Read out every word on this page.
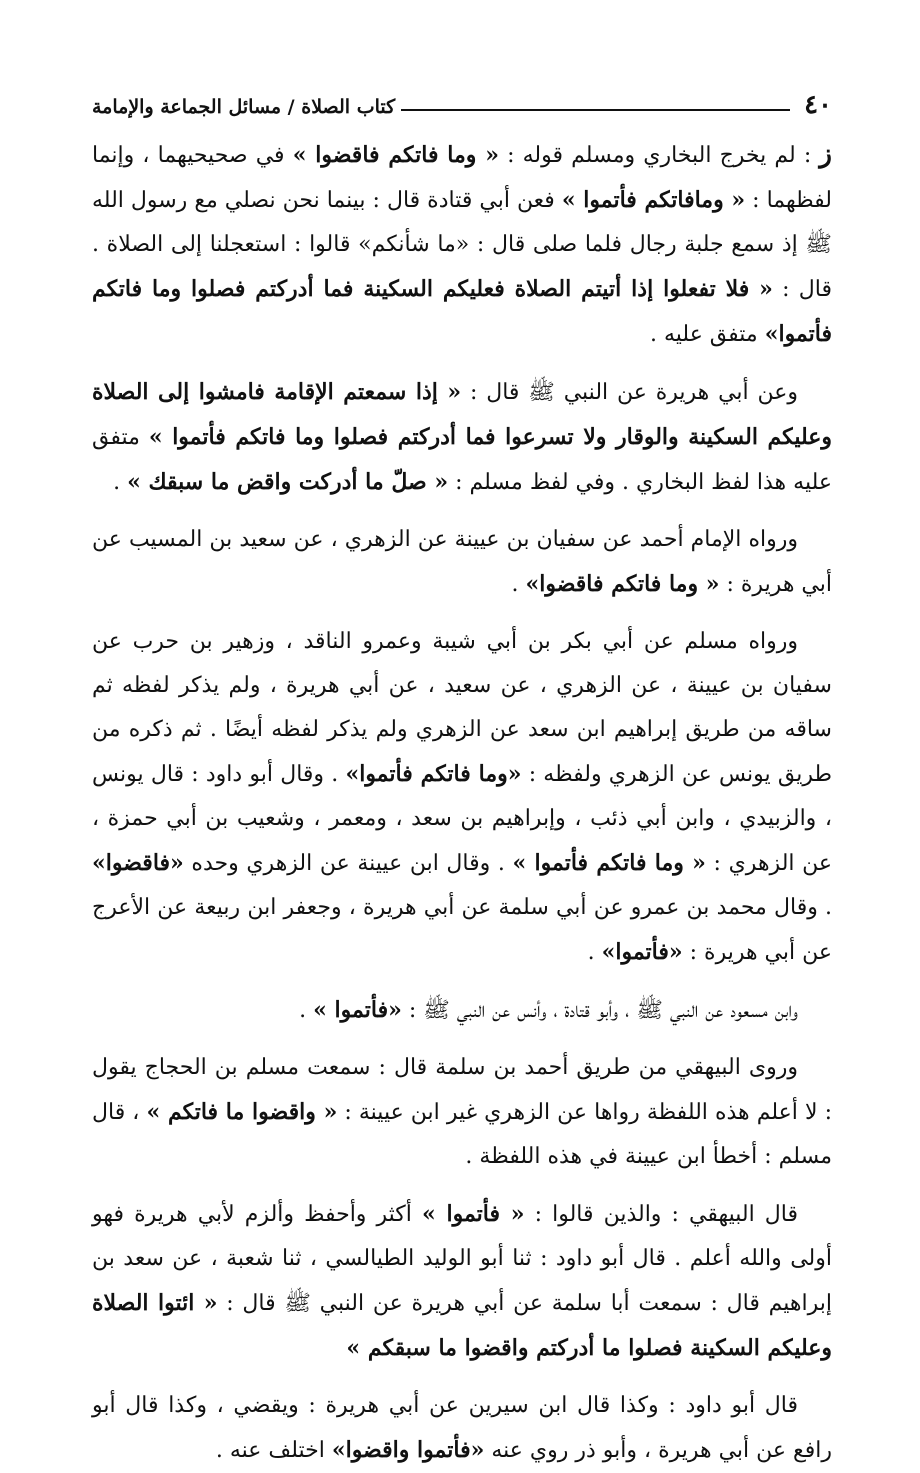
٤٠
كتاب الصلاة / مسائل الجماعة والإمامة

ز : لم يخرج البخاري ومسلم قوله : « وما فاتكم فاقضوا » في صحيحيهما ، وإنما لفظهما : « ومافاتكم فأتموا » فعن أبي قتادة قال : بينما نحن نصلي مع رسول الله ﷺ إذ سمع جلبة رجال فلما صلى قال : «ما شأنكم» قالوا : استعجلنا إلى الصلاة . قال : « فلا تفعلوا إذا أتيتم الصلاة فعليكم السكينة فما أدركتم فصلوا وما فاتكم فأتموا» متفق عليه .

وعن أبي هريرة عن النبي ﷺ قال : « إذا سمعتم الإقامة فامشوا إلى الصلاة وعليكم السكينة والوقار ولا تسرعوا فما أدركتم فصلوا وما فاتكم فأتموا » متفق عليه هذا لفظ البخاري . وفي لفظ مسلم : « صلّ ما أدركت واقض ما سبقك » .

ورواه الإمام أحمد عن سفيان بن عيينة عن الزهري ، عن سعيد بن المسيب عن أبي هريرة : « وما فاتكم فاقضوا» .

ورواه مسلم عن أبي بكر بن أبي شيبة وعمرو الناقد ، وزهير بن حرب عن سفيان بن عيينة ، عن الزهري ، عن سعيد ، عن أبي هريرة ، ولم يذكر لفظه ثم ساقه من طريق إبراهيم ابن سعد عن الزهري ولم يذكر لفظه أيضًا . ثم ذكره من طريق يونس عن الزهري ولفظه : «وما فاتكم فأتموا» . وقال أبو داود : قال يونس ، والزبيدي ، وابن أبي ذئب ، وإبراهيم بن سعد ، ومعمر ، وشعيب بن أبي حمزة ، عن الزهري : « وما فاتكم فأتموا » . وقال ابن عيينة عن الزهري وحده «فاقضوا» . وقال محمد بن عمرو عن أبي سلمة عن أبي هريرة ، وجعفر ابن ربيعة عن الأعرج عن أبي هريرة : «فأتموا» .

وابن مسعود عن النبي ﷺ ، وأبو قتادة ، وأنس عن النبي ﷺ : «فأتموا » .

وروى البيهقي من طريق أحمد بن سلمة قال : سمعت مسلم بن الحجاج يقول : لا أعلم هذه اللفظة رواها عن الزهري غير ابن عيينة : « واقضوا ما فاتكم » ، قال مسلم : أخطأ ابن عيينة في هذه اللفظة .

قال البيهقي : والذين قالوا : « فأتموا » أكثر وأحفظ وألزم لأبي هريرة فهو أولى والله أعلم . قال أبو داود : ثنا أبو الوليد الطيالسي ، ثنا شعبة ، عن سعد بن إبراهيم قال : سمعت أبا سلمة عن أبي هريرة عن النبي ﷺ قال : « ائتوا الصلاة وعليكم السكينة فصلوا ما أدركتم واقضوا ما سبقكم »

قال أبو داود : وكذا قال ابن سيرين عن أبي هريرة : ويقضي ، وكذا قال أبو رافع عن أبي هريرة ، وأبو ذر روي عنه «فأتموا واقضوا» اختلف عنه .
